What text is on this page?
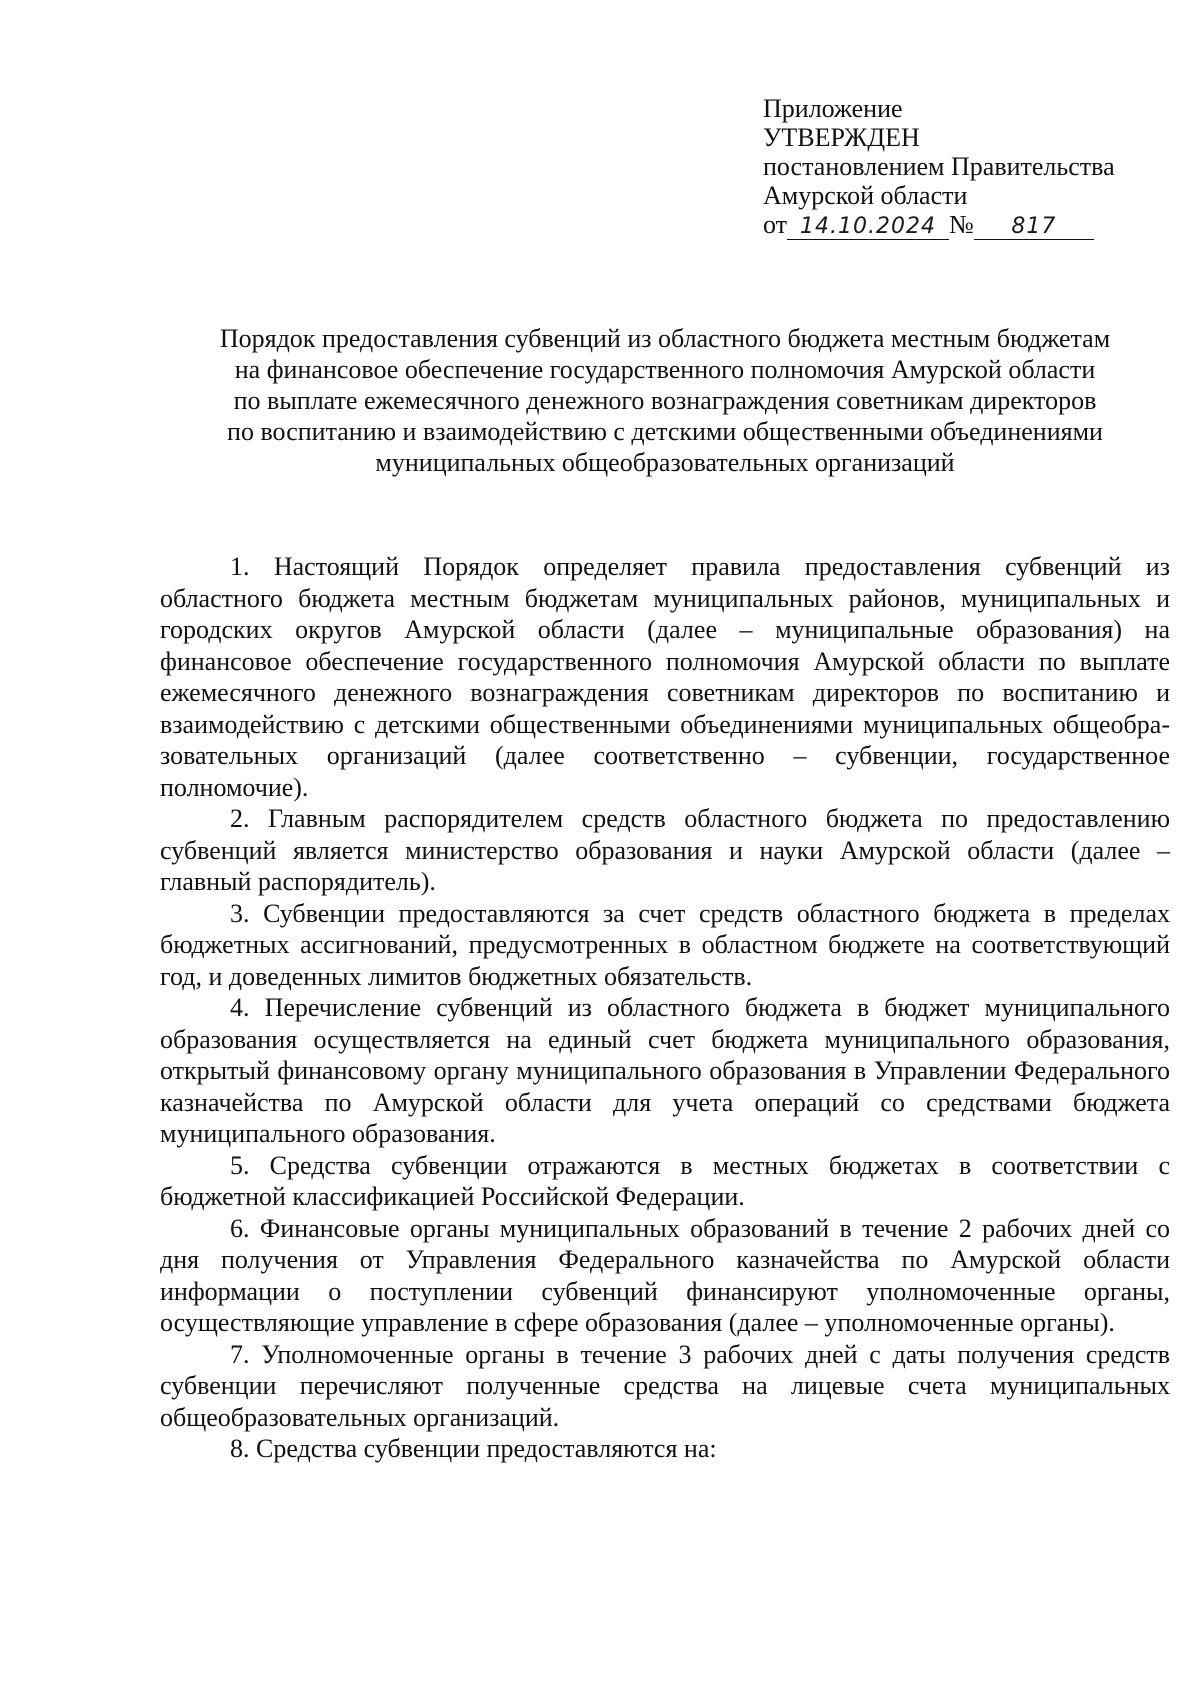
Приложение
УТВЕРЖДЕН
постановлением Правительства
Амурской области
от 14.10.2024 № 817
Порядок предоставления субвенций из областного бюджета местным бюджетам
на финансовое обеспечение государственного полномочия Амурской области
по выплате ежемесячного денежного вознаграждения советникам директоров
по воспитанию и взаимодействию с детскими общественными объединениями
муниципальных общеобразовательных организаций

1. Настоящий Порядок определяет правила предоставления субвенций из областного бюджета местным бюджетам муниципальных районов, муниципальных и городских округов Амурской области (далее – муниципальные образования) на финансовое обеспечение государственного полномочия Амурской области по выплате ежемесячного денежного вознаграждения советникам директоров по воспитанию и взаимодействию с детскими общественными объединениями муниципальных общеобразовательных организаций (далее соответственно – субвенции, государственное полномочие).

2. Главным распорядителем средств областного бюджета по предоставлению субвенций является министерство образования и науки Амурской области (далее – главный распорядитель).

3. Субвенции предоставляются за счет средств областного бюджета в пределах бюджетных ассигнований, предусмотренных в областном бюджете на соответствующий год, и доведенных лимитов бюджетных обязательств.

4. Перечисление субвенций из областного бюджета в бюджет муниципального образования осуществляется на единый счет бюджета муниципального образования, открытый финансовому органу муниципального образования в Управлении Федерального казначейства по Амурской области для учета операций со средствами бюджета муниципального образования.

5. Средства субвенции отражаются в местных бюджетах в соответствии с бюджетной классификацией Российской Федерации.

6. Финансовые органы муниципальных образований в течение 2 рабочих дней со дня получения от Управления Федерального казначейства по Амурской области информации о поступлении субвенций финансируют уполномоченные органы, осуществляющие управление в сфере образования (далее – уполномоченные органы).

7. Уполномоченные органы в течение 3 рабочих дней с даты получения средств субвенции перечисляют полученные средства на лицевые счета муниципальных общеобразовательных организаций.

8. Средства субвенции предоставляются на:
